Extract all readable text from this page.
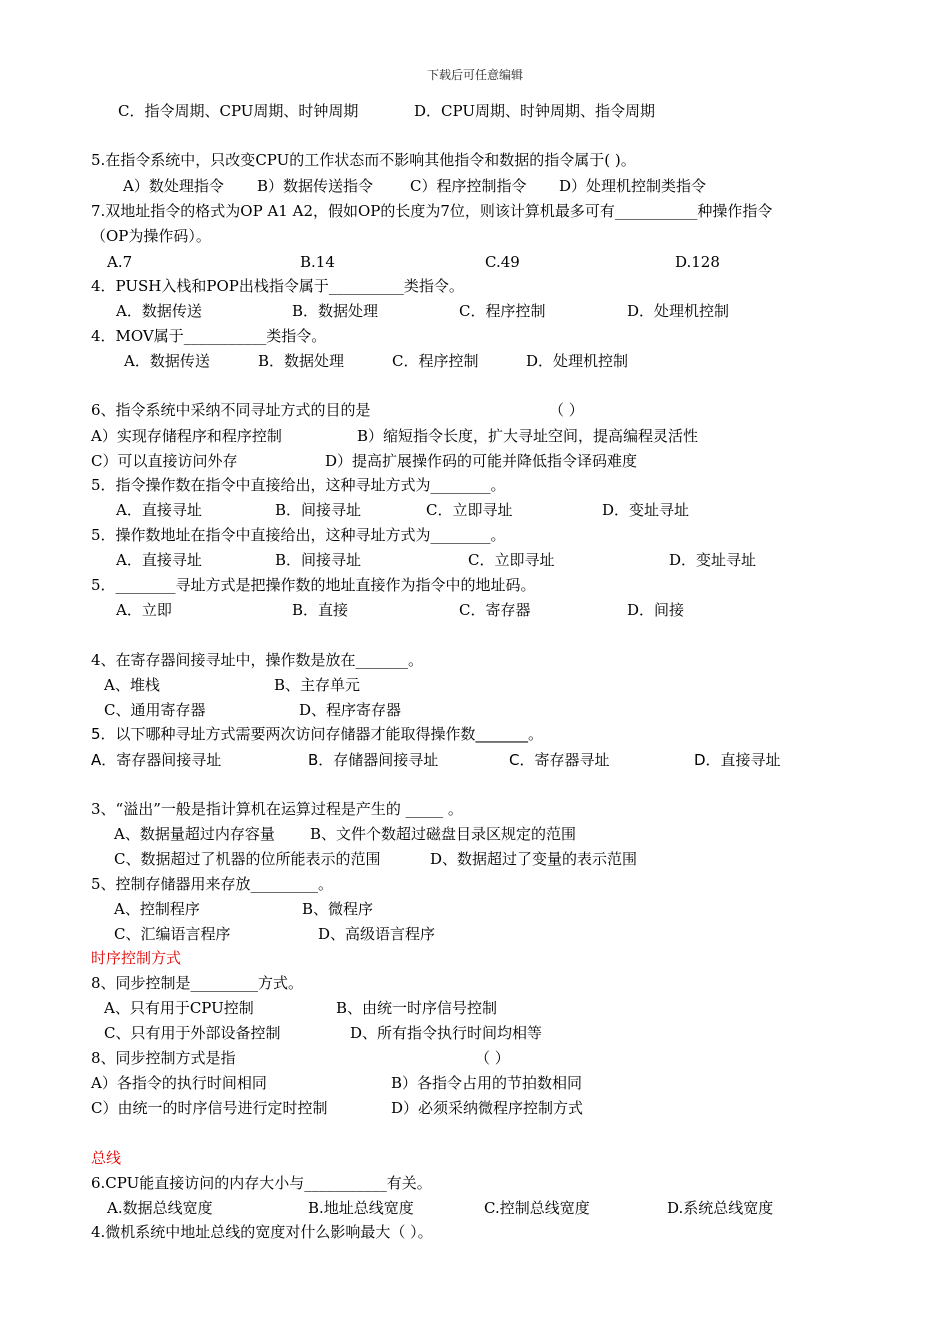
下载后可任意编辑
C．指令周期、CPU周期、时钟周期	D．CPU周期、时钟周期、指令周期
5.在指令系统中，只改变CPU的工作状态而不影响其他指令和数据的指令属于( )。
A）数处理指令 B）数据传送指令 C）程序控制指令 D）处理机控制类指令
7.双地址指令的格式为OP A1 A2，假如OP的长度为7位，则该计算机最多可有___________种操作指令
（OP为操作码）。
A.7	B.14	C.49	D.128
4．PUSH入栈和POP出栈指令属于__________类指令。
A．数据传送	B．数据处理	C．程序控制	D．处理机控制
4．MOV属于___________类指令。
A．数据传送	B．数据处理	C．程序控制	D．处理机控制
6、指令系统中采纳不同寻址方式的目的是	（ ）
A）实现存储程序和程序控制	B）缩短指令长度，扩大寻址空间，提高编程灵活性
C）可以直接访问外存	D）提高扩展操作码的可能并降低指令译码难度
5．指令操作数在指令中直接给出，这种寻址方式为________。
A．直接寻址	B．间接寻址	C．立即寻址	D．变址寻址
5．操作数地址在指令中直接给出，这种寻址方式为________。
A．直接寻址	B．间接寻址	C．立即寻址	D．变址寻址
5．________寻址方式是把操作数的地址直接作为指令中的地址码。
A．立即	B．直接	C．寄存器	D．间接
4、在寄存器间接寻址中，操作数是放在_______。
A、堆栈	B、主存单元
C、通用寄存器	D、程序寄存器
5．以下哪种寻址方式需要两次访问存储器才能取得操作数_______。
A．寄存器间接寻址	B．存储器间接寻址	C．寄存器寻址	D．直接寻址
3、“溢出”一般是指计算机在运算过程是产生的 _____ 。
A、数据量超过内存容量 B、文件个数超过磁盘目录区规定的范围
C、数据超过了机器的位所能表示的范围	D、数据超过了变量的表示范围
5、控制存储器用来存放_________。
A、控制程序	B、微程序
C、汇编语言程序	D、高级语言程序
时序控制方式
8、同步控制是_________方式。
A、只有用于CPU控制	B、由统一时序信号控制
C、只有用于外部设备控制	D、所有指令执行时间均相等
8、同步控制方式是指	（ ）
A）各指令的执行时间相同	B）各指令占用的节拍数相同
C）由统一的时序信号进行定时控制	D）必须采纳微程序控制方式
总线
6.CPU能直接访问的内存大小与___________有关。
A.数据总线宽度	B.地址总线宽度	C.控制总线宽度	D.系统总线宽度
4.微机系统中地址总线的宽度对什么影响最大（ ）。
